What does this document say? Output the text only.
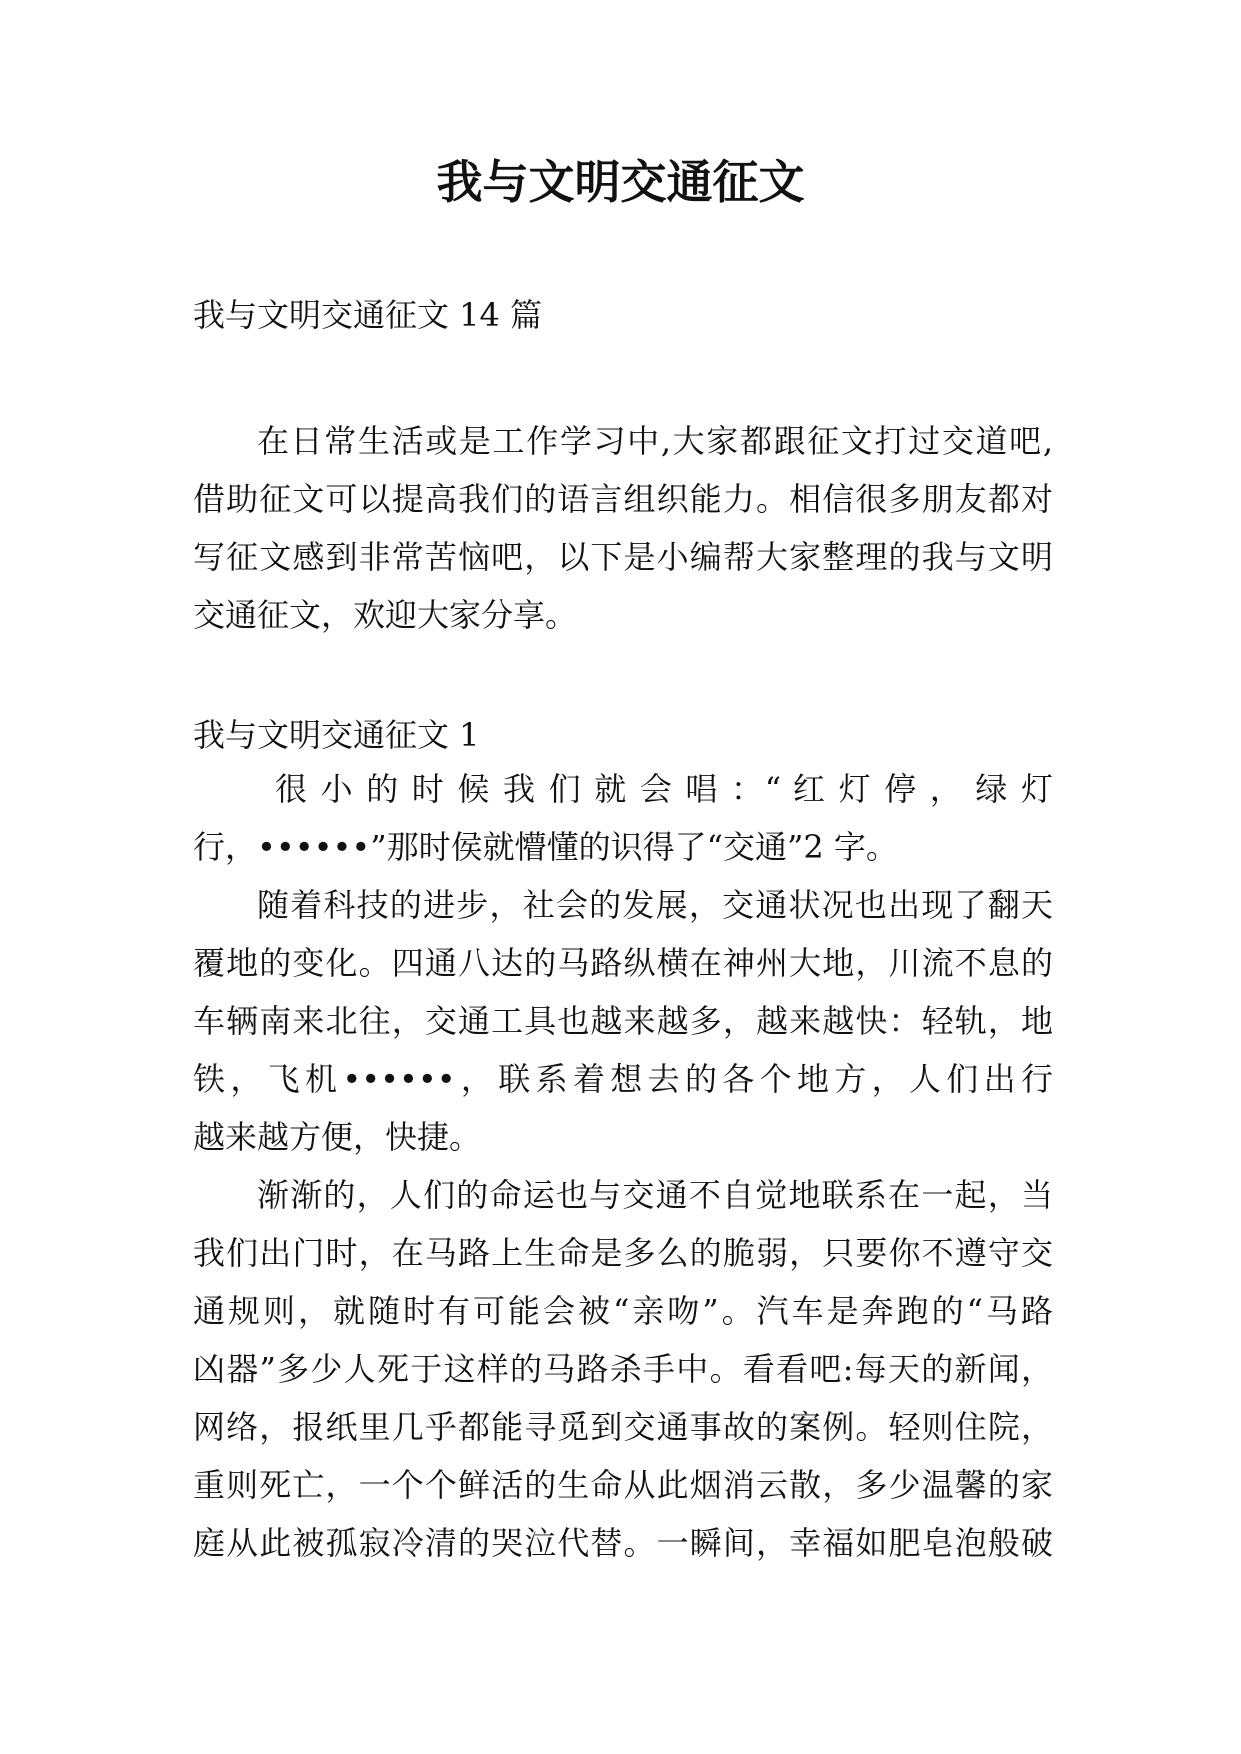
我与文明交通征文

我与文明交通征文 14 篇

在日常生活或是工作学习中,大家都跟征文打过交道吧,

借助征文可以提高我们的语言组织能力。相信很多朋友都对

写征文感到非常苦恼吧，以下是小编帮大家整理的我与文明

交通征文，欢迎大家分享。

我与文明交通征文 1

很 小 的 时 候 我 们 就 会 唱 ：“ 红 灯 停 ， 绿 灯

行，••••••”那时侯就懵懂的识得了“交通”2 字。

随着科技的进步，社会的发展，交通状况也出现了翻天

覆地的变化。四通八达的马路纵横在神州大地，川流不息的

车辆南来北往，交通工具也越来越多，越来越快：轻轨，地

铁，飞机••••••，联系着想去的各个地方，人们出行

越来越方便，快捷。

渐渐的，人们的命运也与交通不自觉地联系在一起，当

我们出门时，在马路上生命是多么的脆弱，只要你不遵守交

通规则，就随时有可能会被“亲吻”。汽车是奔跑的“马路

凶器”多少人死于这样的马路杀手中。看看吧:每天的新闻，

网络，报纸里几乎都能寻觅到交通事故的案例。轻则住院，

重则死亡，一个个鲜活的生命从此烟消云散，多少温馨的家

庭从此被孤寂冷清的哭泣代替。一瞬间，幸福如肥皂泡般破
